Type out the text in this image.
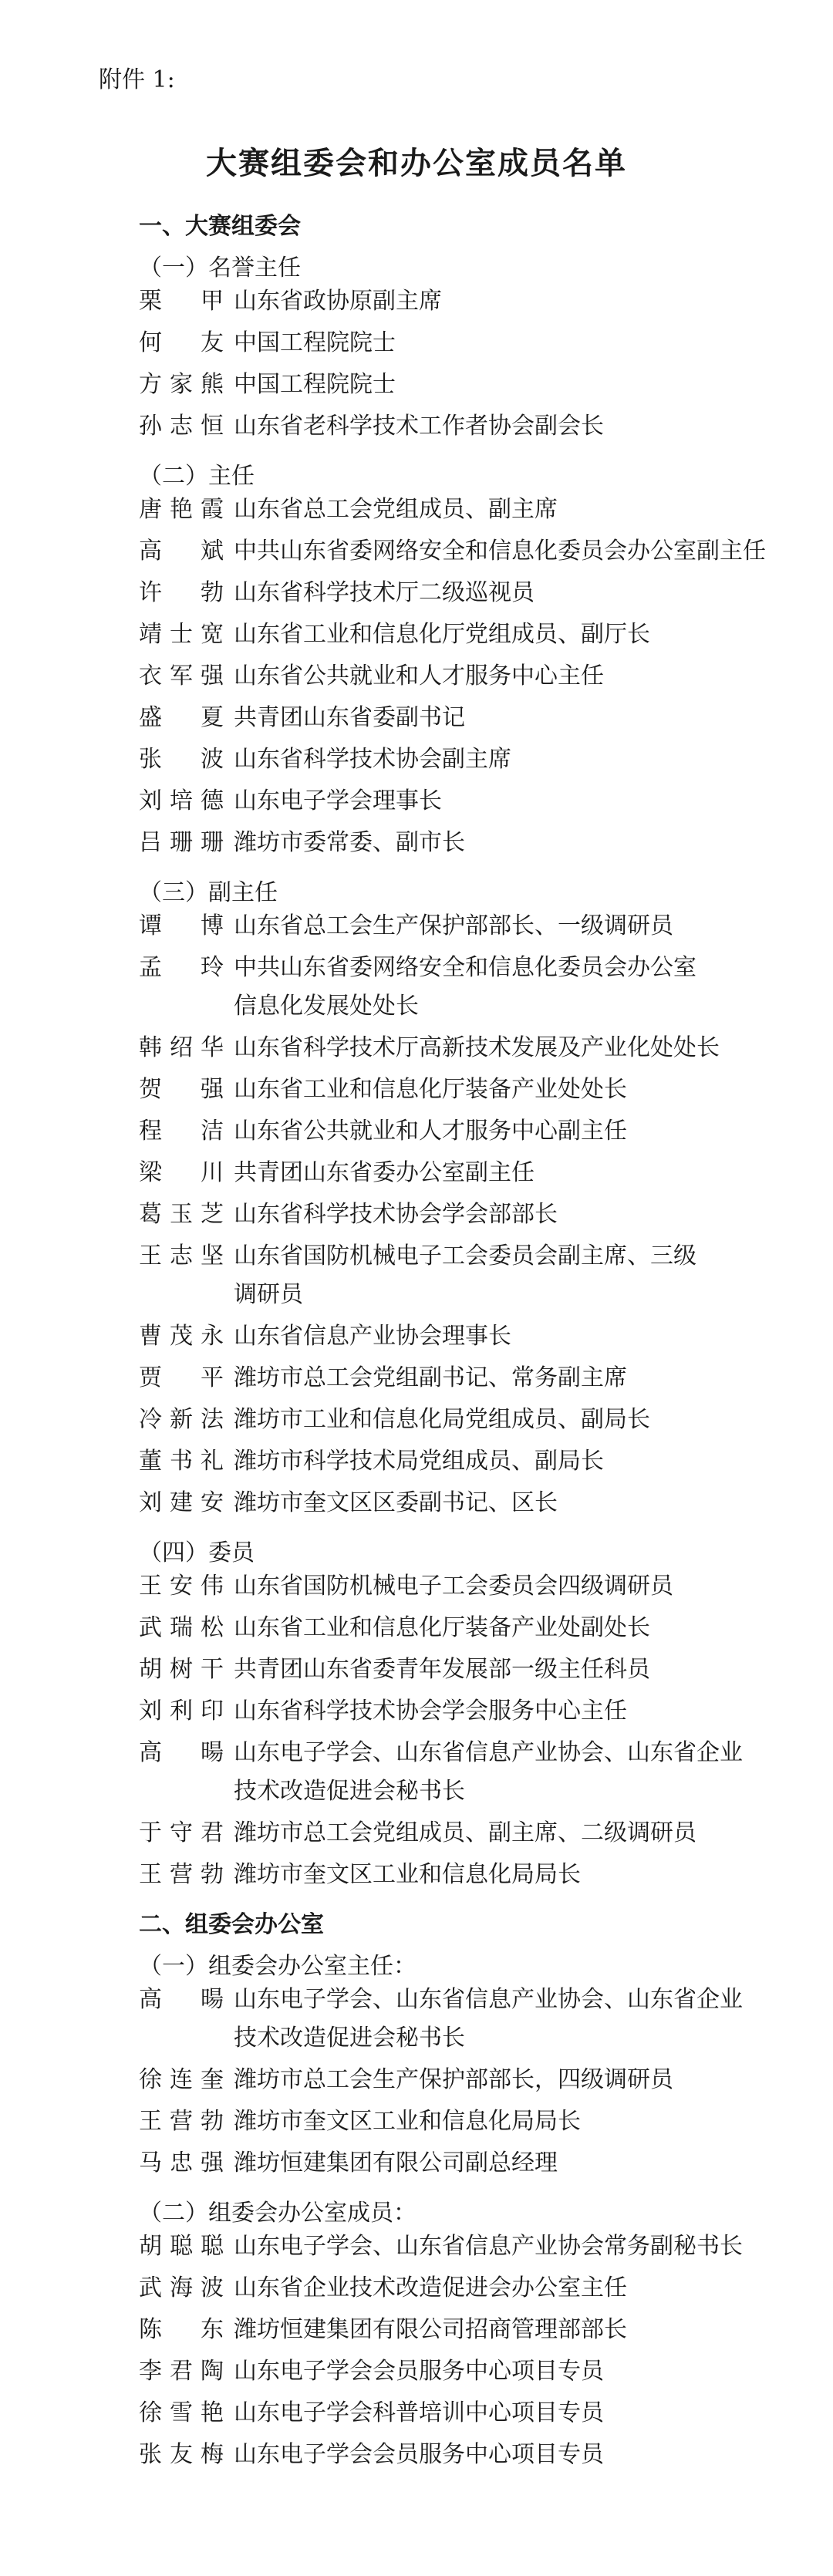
附件 1:
大赛组委会和办公室成员名单
一、大赛组委会
（一）名誉主任
栗 甲 山东省政协原副主席
何 友 中国工程院院士
方 家 熊 中国工程院院士
孙 志 恒 山东省老科学技术工作者协会副会长
（二）主任
唐 艳 霞 山东省总工会党组成员、副主席
高 斌 中共山东省委网络安全和信息化委员会办公室副主任
许 勃 山东省科学技术厅二级巡视员
靖 士 宽 山东省工业和信息化厅党组成员、副厅长
衣 军 强 山东省公共就业和人才服务中心主任
盛 夏 共青团山东省委副书记
张 波 山东省科学技术协会副主席
刘 培 德 山东电子学会理事长
吕 珊 珊 潍坊市委常委、副市长
（三）副主任
谭 博 山东省总工会生产保护部部长、一级调研员
孟 玲 中共山东省委网络安全和信息化委员会办公室
信息化发展处处长
韩 绍 华 山东省科学技术厅高新技术发展及产业化处处长
贺 强 山东省工业和信息化厅装备产业处处长
程 洁 山东省公共就业和人才服务中心副主任
梁 川 共青团山东省委办公室副主任
葛 玉 芝 山东省科学技术协会学会部部长
王 志 坚 山东省国防机械电子工会委员会副主席、三级
调研员
曹 茂 永 山东省信息产业协会理事长
贾 平 潍坊市总工会党组副书记、常务副主席
冷 新 法 潍坊市工业和信息化局党组成员、副局长
董 书 礼 潍坊市科学技术局党组成员、副局长
刘 建 安 潍坊市奎文区区委副书记、区长
（四）委员
王 安 伟 山东省国防机械电子工会委员会四级调研员
武 瑞 松 山东省工业和信息化厅装备产业处副处长
胡 树 干 共青团山东省委青年发展部一级主任科员
刘 利 印 山东省科学技术协会学会服务中心主任
高 暘 山东电子学会、山东省信息产业协会、山东省企业
技术改造促进会秘书长
于 守 君 潍坊市总工会党组成员、副主席、二级调研员
王 营 勃 潍坊市奎文区工业和信息化局局长
二、组委会办公室
（一）组委会办公室主任：
高 暘 山东电子学会、山东省信息产业协会、山东省企业
技术改造促进会秘书长
徐 连 奎 潍坊市总工会生产保护部部长，四级调研员
王 营 勃 潍坊市奎文区工业和信息化局局长
马 忠 强 潍坊恒建集团有限公司副总经理
（二）组委会办公室成员：
胡 聪 聪 山东电子学会、山东省信息产业协会常务副秘书长
武 海 波 山东省企业技术改造促进会办公室主任
陈 东 潍坊恒建集团有限公司招商管理部部长
李 君 陶 山东电子学会会员服务中心项目专员
徐 雪 艳 山东电子学会科普培训中心项目专员
张 友 梅 山东电子学会会员服务中心项目专员
